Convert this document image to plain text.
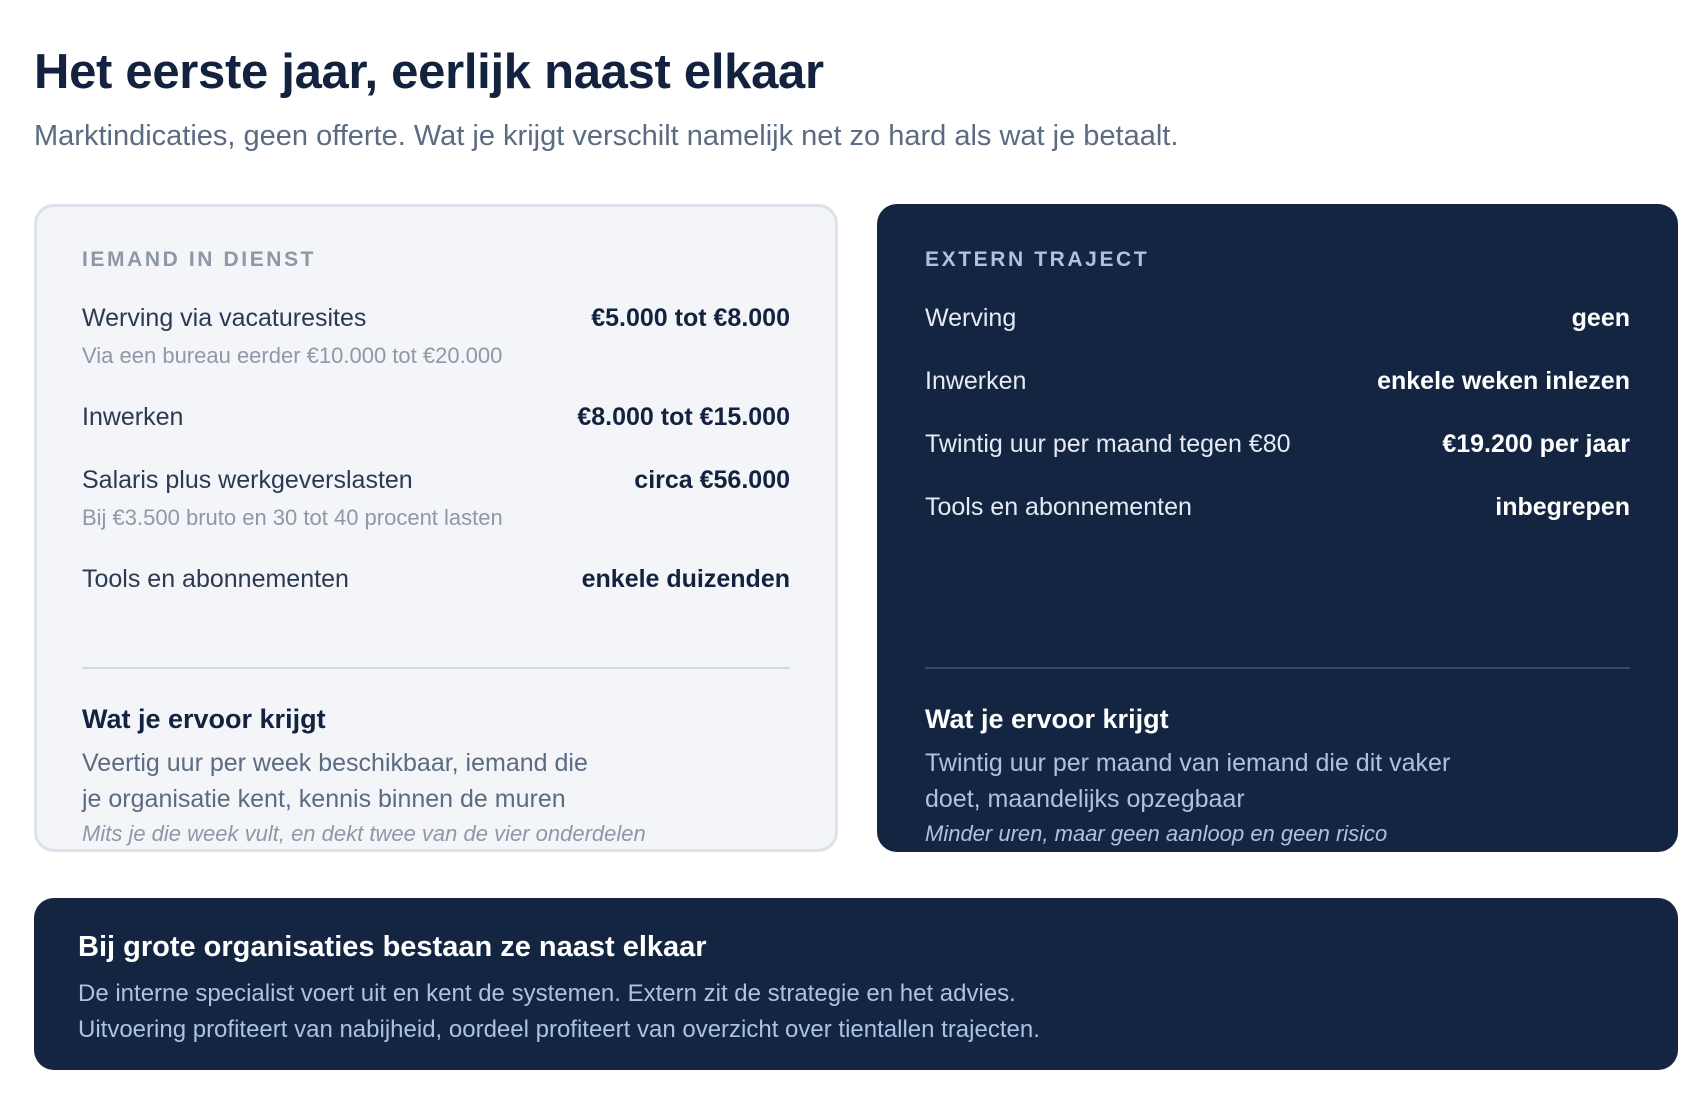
Het eerste jaar, eerlijk naast elkaar

Marktindicaties, geen offerte. Wat je krijgt verschilt namelijk net zo hard als wat je betaalt.

IEMAND IN DIENST

Werving via vacaturesites	€5.000 tot €8.000
Via een bureau eerder €10.000 tot €20.000
Inwerken	€8.000 tot €15.000
Salaris plus werkgeverslasten	circa €56.000
Bij €3.500 bruto en 30 tot 40 procent lasten
Tools en abonnementen	enkele duizenden
Wat je ervoor krijgt
Veertig uur per week beschikbaar, iemand die
je organisatie kent, kennis binnen de muren
Mits je die week vult, en dekt twee van de vier onderdelen

EXTERN TRAJECT

Werving	geen
Inwerken	enkele weken inlezen
Twintig uur per maand tegen €80	€19.200 per jaar
Tools en abonnementen	inbegrepen
Wat je ervoor krijgt
Twintig uur per maand van iemand die dit vaker
doet, maandelijks opzegbaar
Minder uren, maar geen aanloop en geen risico

Bij grote organisaties bestaan ze naast elkaar

De interne specialist voert uit en kent de systemen. Extern zit de strategie en het advies.
Uitvoering profiteert van nabijheid, oordeel profiteert van overzicht over tientallen trajecten.
